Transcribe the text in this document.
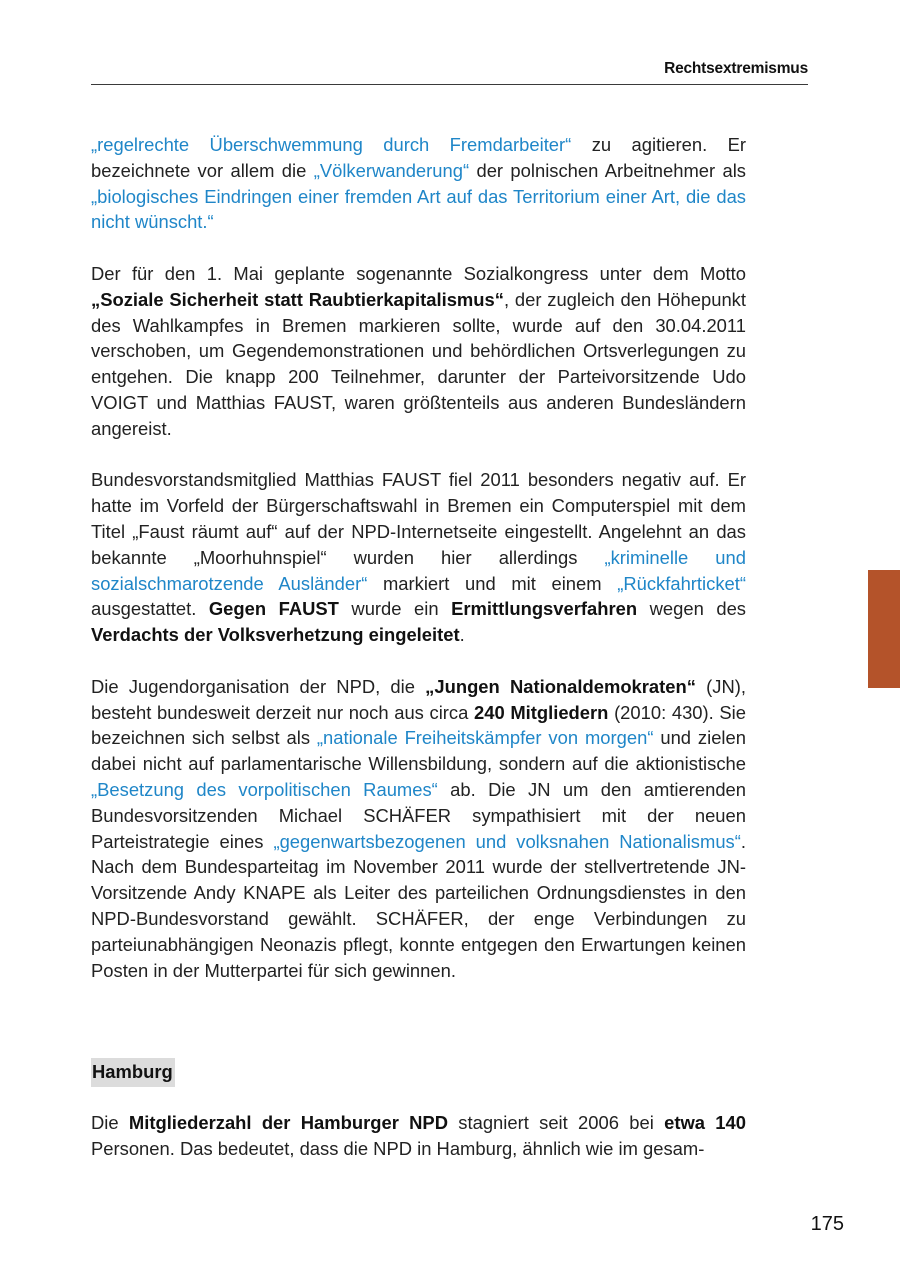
Rechtsextremismus

„regelrechte Überschwemmung durch Fremdarbeiter“ zu agitieren. Er bezeichnete vor allem die „Völkerwanderung“ der polnischen Arbeitnehmer als „biologisches Eindringen einer fremden Art auf das Territorium einer Art, die das nicht wünscht.“

Der für den 1. Mai geplante sogenannte Sozialkongress unter dem Motto „Soziale Sicherheit statt Raubtierkapitalismus“, der zugleich den Höhepunkt des Wahlkampfes in Bremen markieren sollte, wurde auf den 30.04.2011 verschoben, um Gegendemonstrationen und behördlichen Ortsverlegungen zu entgehen. Die knapp 200 Teilnehmer, darunter der Parteivorsitzende Udo VOIGT und Matthias FAUST, waren größtenteils aus anderen Bundesländern angereist.

Bundesvorstandsmitglied Matthias FAUST fiel 2011 besonders negativ auf. Er hatte im Vorfeld der Bürgerschaftswahl in Bremen ein Computerspiel mit dem Titel „Faust räumt auf“ auf der NPD-Internetseite eingestellt. Angelehnt an das bekannte „Moorhuhnspiel“ wurden hier allerdings „kriminelle und sozialschmarotzende Ausländer“ markiert und mit einem „Rückfahrticket“ ausgestattet. Gegen FAUST wurde ein Ermittlungsverfahren wegen des Verdachts der Volksverhetzung eingeleitet.

Die Jugendorganisation der NPD, die „Jungen Nationaldemokraten“ (JN), besteht bundesweit derzeit nur noch aus circa 240 Mitgliedern (2010: 430). Sie bezeichnen sich selbst als „nationale Freiheitskämpfer von morgen“ und zielen dabei nicht auf parlamentarische Willensbildung, sondern auf die aktionistische „Besetzung des vorpolitischen Raumes“ ab. Die JN um den amtierenden Bundesvorsitzenden Michael SCHÄFER sympathisiert mit der neuen Parteistrategie eines „gegenwartsbezogenen und volksnahen Nationalismus“. Nach dem Bundesparteitag im November 2011 wurde der stellvertretende JN-Vorsitzende Andy KNAPE als Leiter des parteilichen Ordnungsdienstes in den NPD-Bundesvorstand gewählt. SCHÄFER, der enge Verbindungen zu parteiunabhängigen Neonazis pflegt, konnte entgegen den Erwartungen keinen Posten in der Mutterpartei für sich gewinnen.

Hamburg

Die Mitgliederzahl der Hamburger NPD stagniert seit 2006 bei etwa 140 Personen. Das bedeutet, dass die NPD in Hamburg, ähnlich wie im gesam-

175
